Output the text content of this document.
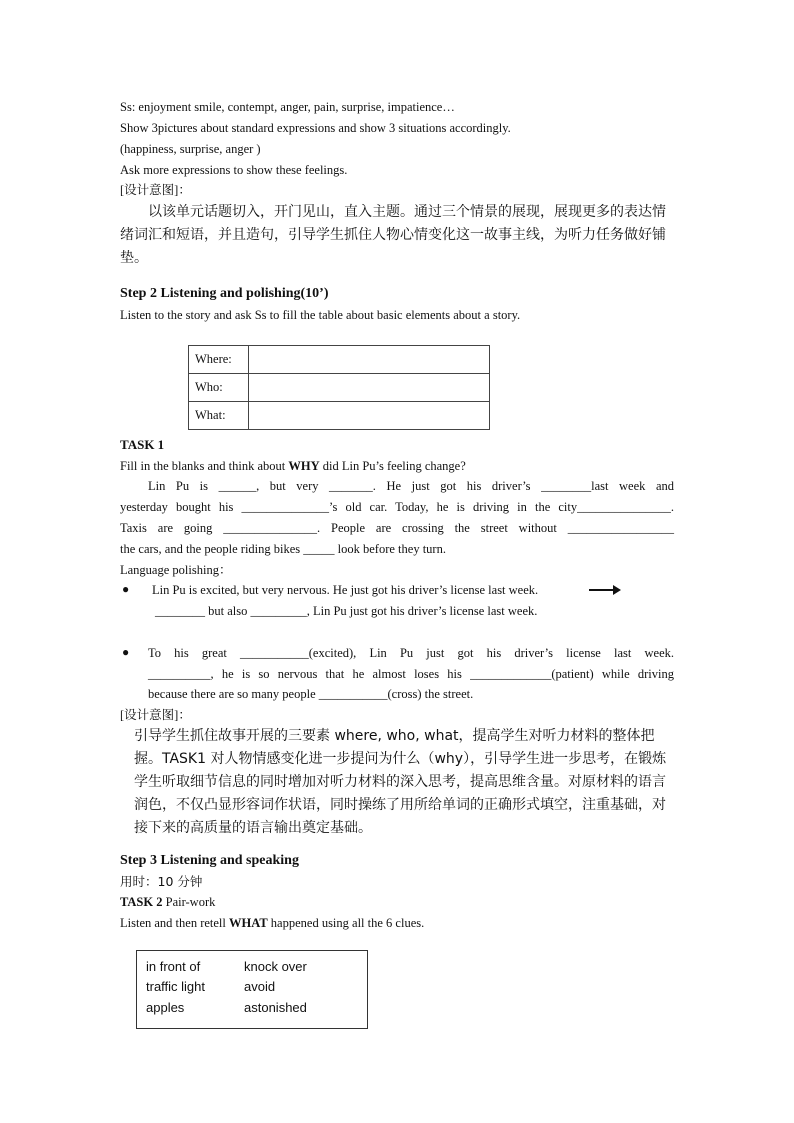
Ss: enjoyment smile, contempt, anger, pain, surprise, impatience…
Show 3pictures about standard expressions and show 3 situations accordingly.
(happiness, surprise, anger )
Ask more expressions to show these feelings.
[设计意图]：
以该单元话题切入，开门见山，直入主题。通过三个情景的展现，展现更多的表达情绪词汇和短语，并且造句，引导学生抓住人物心情变化这一故事主线，为听力任务做好铺垫。
Step 2 Listening and polishing(10’)
Listen to the story and ask Ss to fill the table about basic elements about a story.
Where:	
Who:	
What:	
TASK 1
Fill in the blanks and think about WHY did Lin Pu’s feeling change?
Lin Pu is ______, but very _______. He just got his driver’s ________last week and
yesterday bought his ______________’s old car. Today, he is driving in the city_______________.
Taxis are going _______________. People are crossing the street without _________________
the cars, and the people riding bikes _____ look before they turn.
Language polishing：
● Lin Pu is excited, but very nervous. He just got his driver’s license last week.
________ but also _________, Lin Pu just got his driver’s license last week.
● To his great ___________(excited), Lin Pu just got his driver’s license last week.
__________, he is so nervous that he almost loses his _____________(patient) while driving
because there are so many people ___________(cross) the street.
[设计意图]：
引导学生抓住故事开展的三要素 where, who, what，提高学生对听力材料的整体把握。TASK1 对人物情感变化进一步提问为什么（why），引导学生进一步思考，在锻炼学生听取细节信息的同时增加对听力材料的深入思考，提高思维含量。对原材料的语言润色，不仅凸显形容词作状语，同时操练了用所给单词的正确形式填空，注重基础，对接下来的高质量的语言输出奠定基础。
Step 3 Listening and speaking
用时：10 分钟
TASK 2 Pair-work
Listen and then retell WHAT happened using all the 6 clues.
in front of	knock over
traffic light	avoid
apples	astonished
